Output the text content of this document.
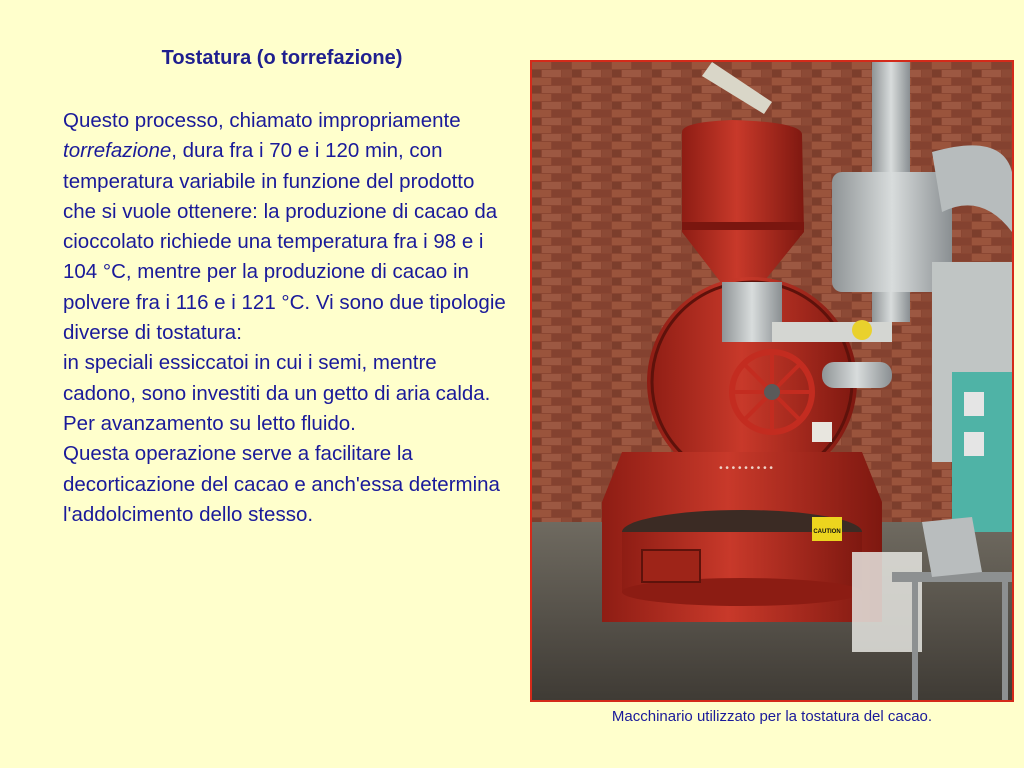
Tostatura (o torrefazione)

Questo processo, chiamato impropriamente torrefazione, dura fra i 70 e i 120 min, con temperatura variabile in funzione del prodotto che si vuole ottenere: la produzione di cacao da cioccolato richiede una temperatura fra i 98 e i 104 °C, mentre per la produzione di cacao in polvere fra i 116 e i 121 °C. Vi sono due tipologie diverse di tostatura:

in speciali essiccatoi in cui i semi, mentre cadono, sono investiti da un getto di aria calda.

Per avanzamento su letto fluido.

Questa operazione serve a facilitare la decorticazione del cacao e anch'essa determina l'addolcimento dello stesso.

• • • • • • • • •
CAUTION

Macchinario utilizzato per la tostatura del cacao.
